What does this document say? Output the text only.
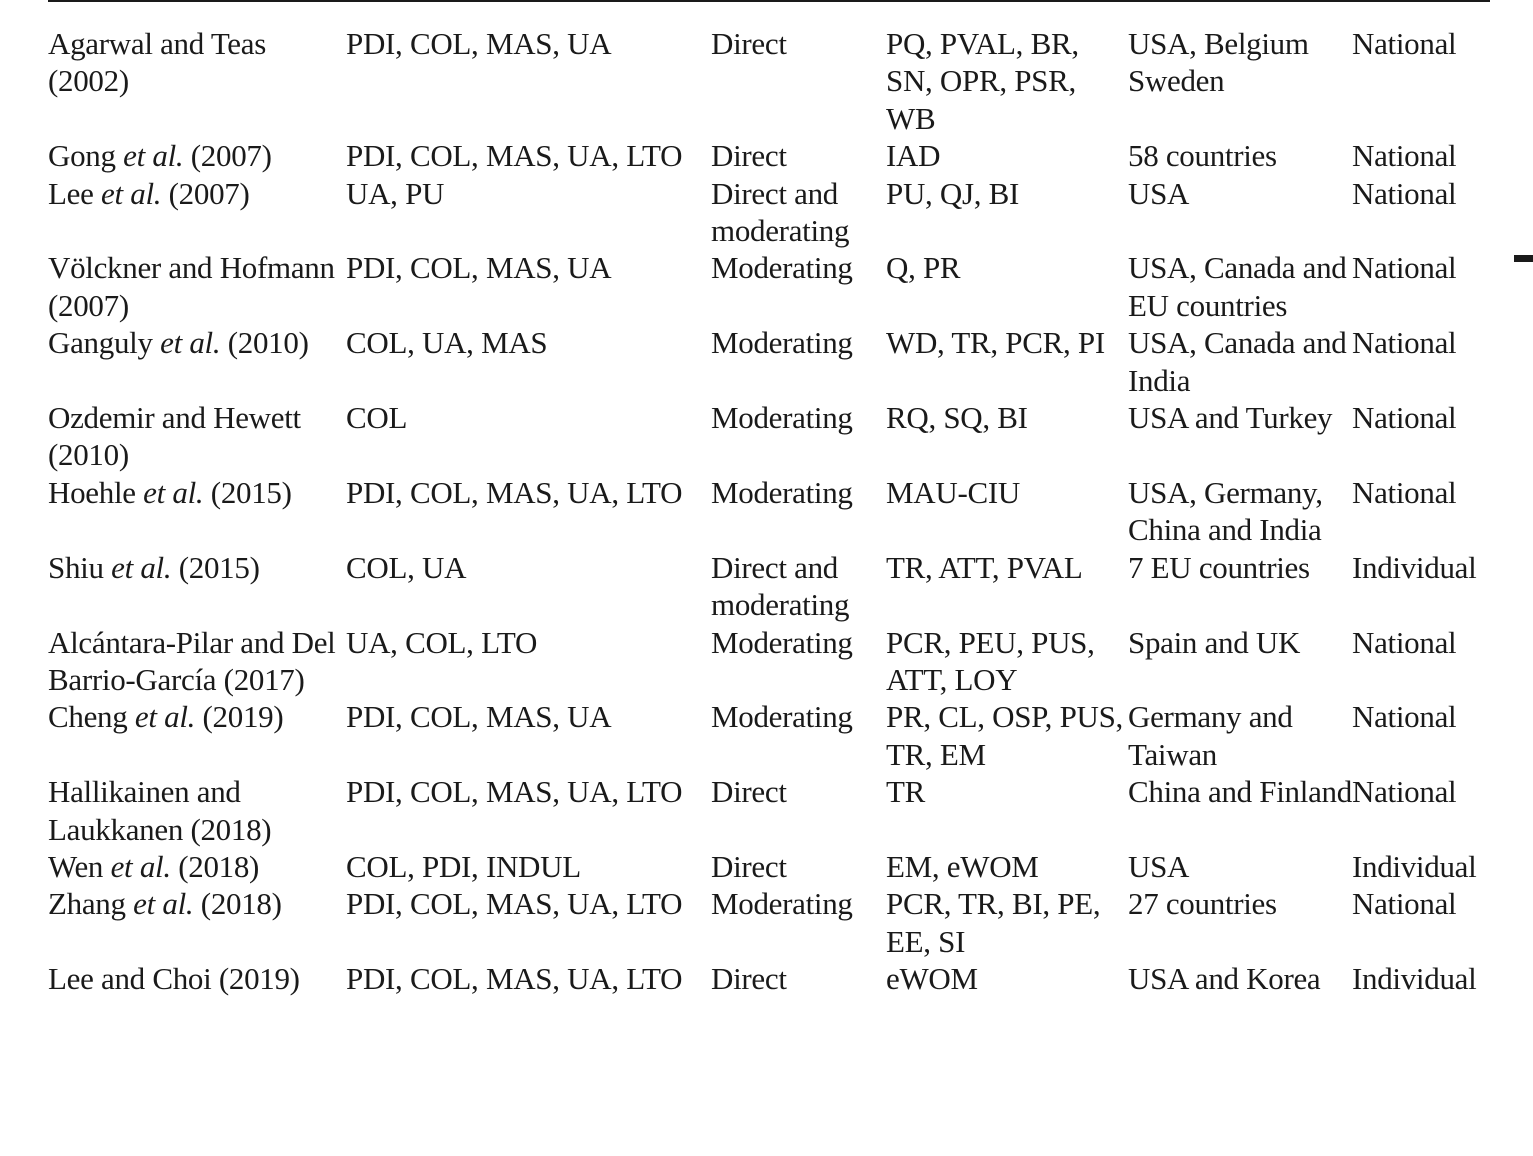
Agarwal and Teas (2002)	PDI, COL, MAS, UA	Direct	PQ, PVAL, BR, SN, OPR, PSR, WB	USA, Belgium Sweden	National
Gong et al. (2007)	PDI, COL, MAS, UA, LTO	Direct	IAD	58 countries	National
Lee et al. (2007)	UA, PU	Direct and moderating	PU, QJ, BI	USA	National
Völckner and Hofmann (2007)	PDI, COL, MAS, UA	Moderating	Q, PR	USA, Canada and EU countries	National
Ganguly et al. (2010)	COL, UA, MAS	Moderating	WD, TR, PCR, PI	USA, Canada and India	National
Ozdemir and Hewett (2010)	COL	Moderating	RQ, SQ, BI	USA and Turkey	National
Hoehle et al. (2015)	PDI, COL, MAS, UA, LTO	Moderating	MAU-CIU	USA, Germany, China and India	National
Shiu et al. (2015)	COL, UA	Direct and moderating	TR, ATT, PVAL	7 EU countries	Individual
Alcántara-Pilar and Del Barrio-García (2017)	UA, COL, LTO	Moderating	PCR, PEU, PUS, ATT, LOY	Spain and UK	National
Cheng et al. (2019)	PDI, COL, MAS, UA	Moderating	PR, CL, OSP, PUS, TR, EM	Germany and Taiwan	National
Hallikainen and Laukkanen (2018)	PDI, COL, MAS, UA, LTO	Direct	TR	China and Finland	National
Wen et al. (2018)	COL, PDI, INDUL	Direct	EM, eWOM	USA	Individual
Zhang et al. (2018)	PDI, COL, MAS, UA, LTO	Moderating	PCR, TR, BI, PE, EE, SI	27 countries	National
Lee and Choi (2019)	PDI, COL, MAS, UA, LTO	Direct	eWOM	USA and Korea	Individual
